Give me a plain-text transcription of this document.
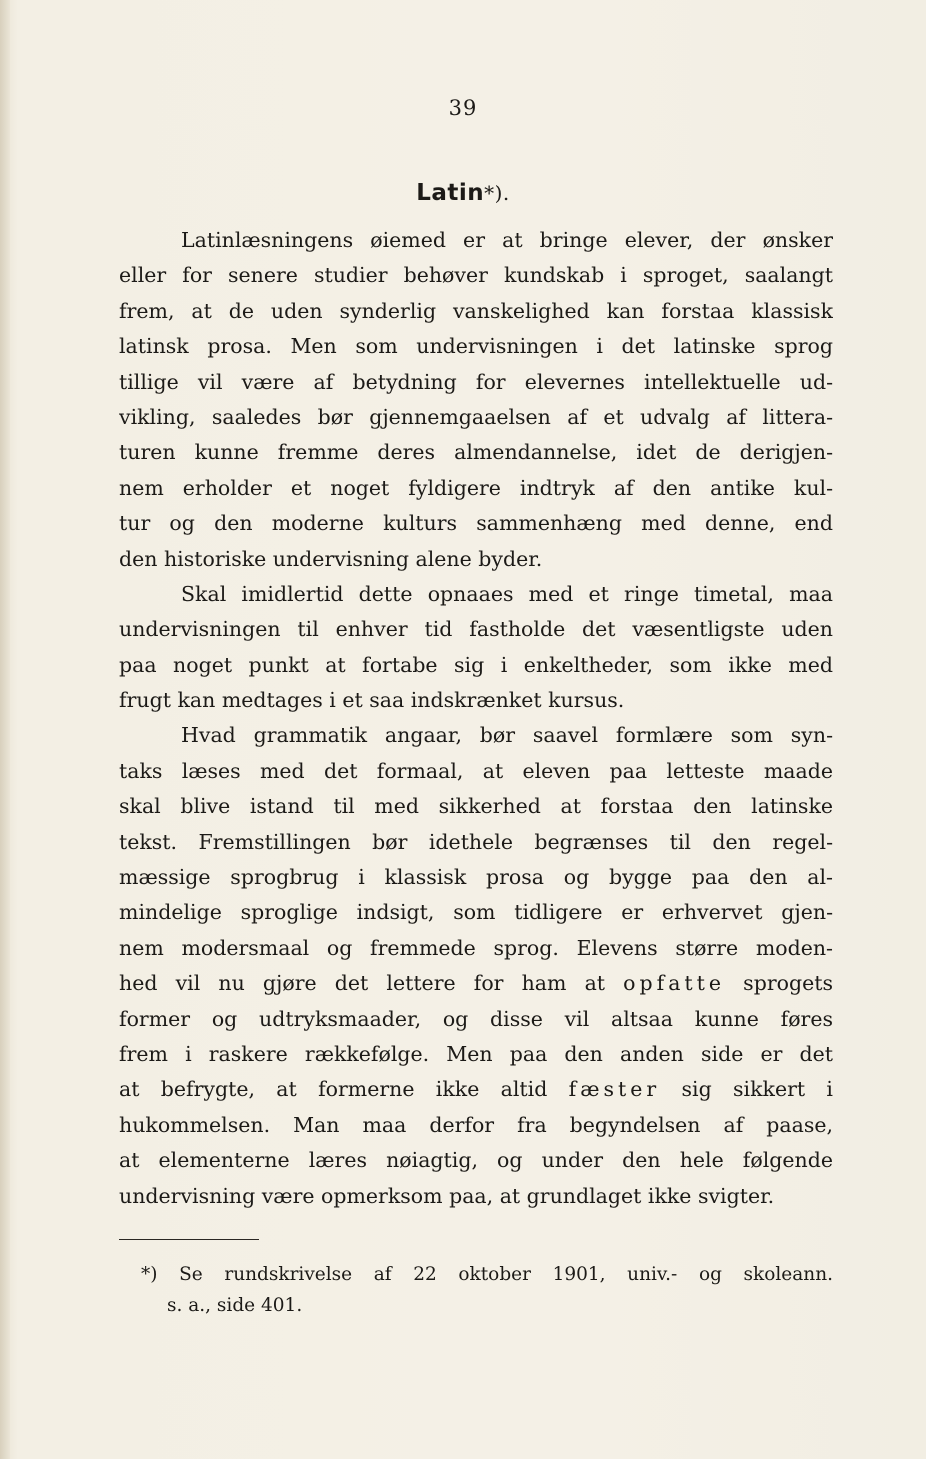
39
Latin*).
Latinlæsningens øiemed er at bringe elever, der ønsker
eller for senere studier behøver kundskab i sproget, saalangt
frem, at de uden synderlig vanskelighed kan forstaa klassisk
latinsk prosa. Men som undervisningen i det latinske sprog
tillige vil være af betydning for elevernes intellektuelle ud-
vikling, saaledes bør gjennemgaaelsen af et udvalg af littera-
turen kunne fremme deres almendannelse, idet de derigjen-
nem erholder et noget fyldigere indtryk af den antike kul-
tur og den moderne kulturs sammenhæng med denne, end
den historiske undervisning alene byder.
Skal imidlertid dette opnaaes med et ringe timetal, maa
undervisningen til enhver tid fastholde det væsentligste uden
paa noget punkt at fortabe sig i enkeltheder, som ikke med
frugt kan medtages i et saa indskrænket kursus.
Hvad grammatik angaar, bør saavel formlære som syn-
taks læses med det formaal, at eleven paa letteste maade
skal blive istand til med sikkerhed at forstaa den latinske
tekst. Fremstillingen bør idethele begrænses til den regel-
mæssige sprogbrug i klassisk prosa og bygge paa den al-
mindelige sproglige indsigt, som tidligere er erhvervet gjen-
nem modersmaal og fremmede sprog. Elevens større moden-
hed vil nu gjøre det lettere for ham at opfatte sprogets
former og udtryksmaader, og disse vil altsaa kunne føres
frem i raskere rækkefølge. Men paa den anden side er det
at befrygte, at formerne ikke altid fæster sig sikkert i
hukommelsen. Man maa derfor fra begyndelsen af paase,
at elementerne læres nøiagtig, og under den hele følgende
undervisning være opmerksom paa, at grundlaget ikke svigter.
*) Se rundskrivelse af 22 oktober 1901, univ.- og skoleann.
s. a., side 401.
